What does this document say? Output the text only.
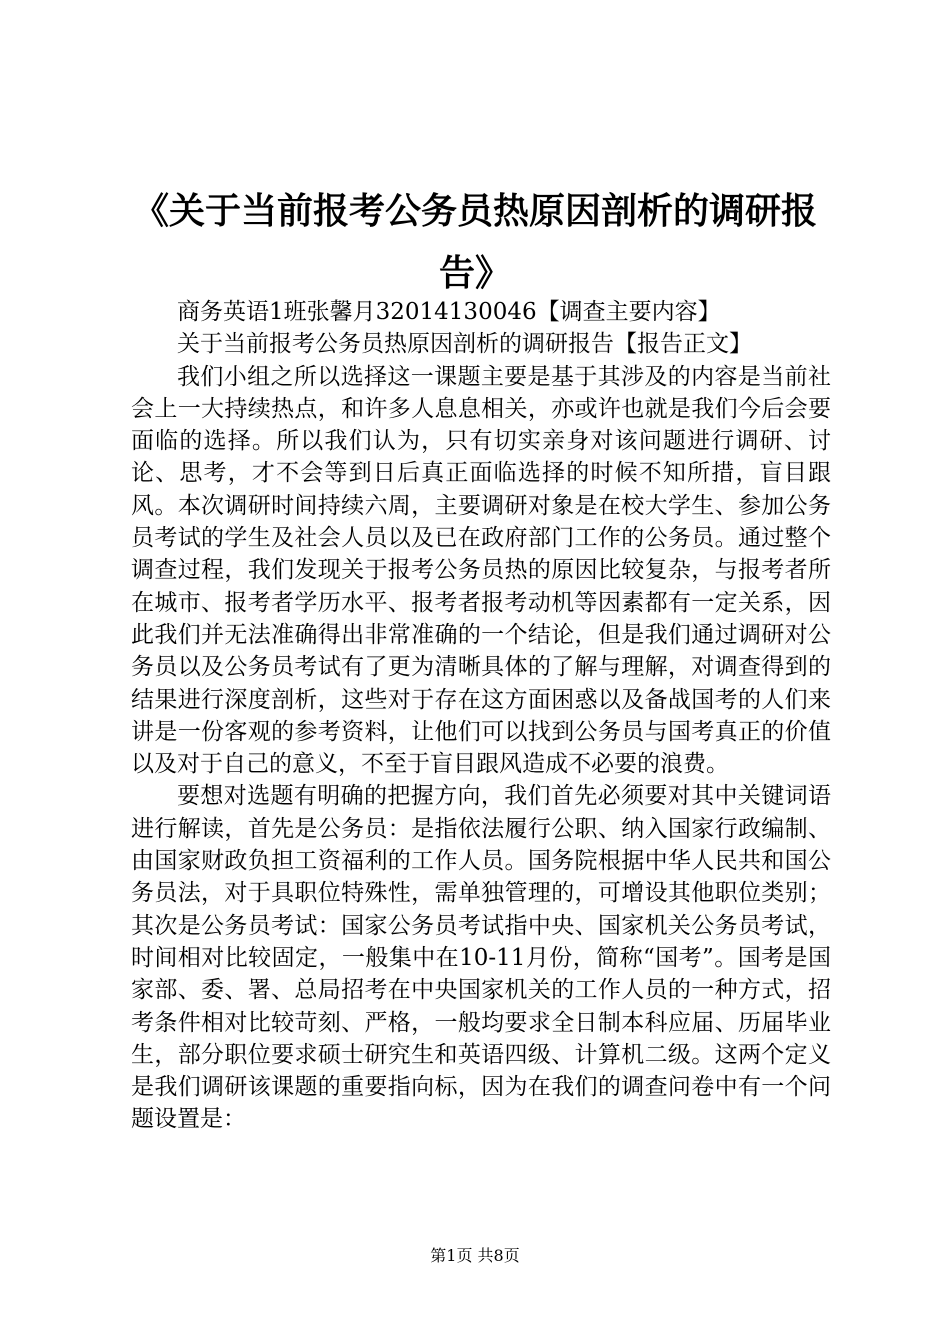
《关于当前报考公务员热原因剖析的调研报告》

商务英语1班张馨月32014130046【调查主要内容】

关于当前报考公务员热原因剖析的调研报告【报告正文】

我们小组之所以选择这一课题主要是基于其涉及的内容是当前社会上一大持续热点，和许多人息息相关，亦或许也就是我们今后会要面临的选择。所以我们认为，只有切实亲身对该问题进行调研、讨论、思考，才不会等到日后真正面临选择的时候不知所措，盲目跟风。本次调研时间持续六周，主要调研对象是在校大学生、参加公务员考试的学生及社会人员以及已在政府部门工作的公务员。通过整个调查过程，我们发现关于报考公务员热的原因比较复杂，与报考者所在城市、报考者学历水平、报考者报考动机等因素都有一定关系，因此我们并无法准确得出非常准确的一个结论，但是我们通过调研对公务员以及公务员考试有了更为清晰具体的了解与理解，对调查得到的结果进行深度剖析，这些对于存在这方面困惑以及备战国考的人们来讲是一份客观的参考资料，让他们可以找到公务员与国考真正的价值以及对于自己的意义，不至于盲目跟风造成不必要的浪费。

要想对选题有明确的把握方向，我们首先必须要对其中关键词语进行解读，首先是公务员：是指依法履行公职、纳入国家行政编制、由国家财政负担工资福利的工作人员。国务院根据中华人民共和国公务员法，对于具职位特殊性，需单独管理的，可增设其他职位类别；其次是公务员考试：国家公务员考试指中央、国家机关公务员考试，时间相对比较固定，一般集中在10-11月份，简称“国考”。国考是国家部、委、署、总局招考在中央国家机关的工作人员的一种方式，招考条件相对比较苛刻、严格，一般均要求全日制本科应届、历届毕业生，部分职位要求硕士研究生和英语四级、计算机二级。这两个定义是我们调研该课题的重要指向标，因为在我们的调查问卷中有一个问题设置是：

第1页 共8页
